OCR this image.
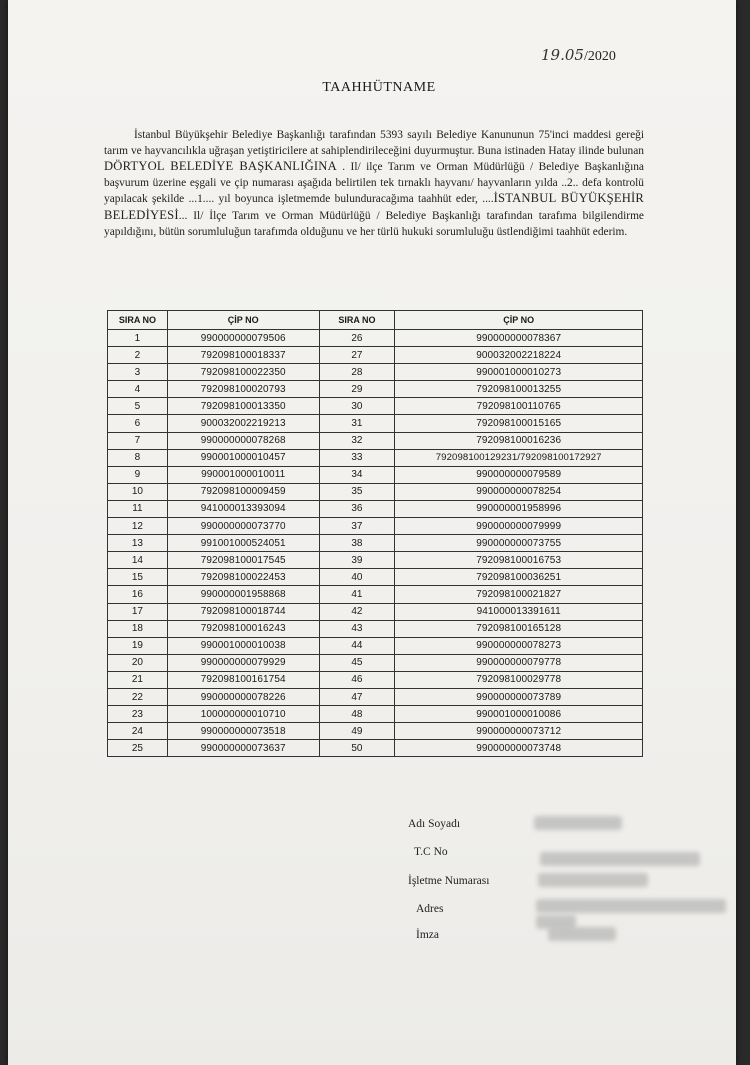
19.05/2020
TAAHHÜTNAME
İstanbul Büyükşehir Belediye Başkanlığı tarafından 5393 sayılı Belediye Kanununun 75'inci maddesi gereği tarım ve hayvancılıkla uğraşan yetiştiricilere at sahiplendirileceğini duyurmuştur. Buna istinaden Hatay ilinde bulunan DÖRTYOL BELEDİYE BAŞKANLIĞINA . Il/ ilçe Tarım ve Orman Müdürlüğü / Belediye Başkanlığına başvurum üzerine eşgali ve çip numarası aşağıda belirtilen tek tırnaklı hayvanı/ hayvanların yılda ..2.. defa kontrolü yapılacak şekilde ...1.... yıl boyunca işletmemde bulunduracağıma taahhüt eder, ....İSTANBUL BÜYÜKŞEHİR BELEDİYESİ... Il/ İlçe Tarım ve Orman Müdürlüğü / Belediye Başkanlığı tarafından tarafıma bilgilendirme yapıldığını, bütün sorumluluğun tarafımda olduğunu ve her türlü hukuki sorumluluğu üstlendiğimi taahhüt ederim.
SIRA NO	ÇİP NO	SIRA NO	ÇİP NO
1	990000000079506	26	990000000078367
2	792098100018337	27	900032002218224
3	792098100022350	28	990001000010273
4	792098100020793	29	792098100013255
5	792098100013350	30	792098100110765
6	900032002219213	31	792098100015165
7	990000000078268	32	792098100016236
8	990001000010457	33	792098100129231/792098100172927
9	990001000010011	34	990000000079589
10	792098100009459	35	990000000078254
11	941000013393094	36	990000001958996
12	990000000073770	37	990000000079999
13	991001000524051	38	990000000073755
14	792098100017545	39	792098100016753
15	792098100022453	40	792098100036251
16	990000001958868	41	792098100021827
17	792098100018744	42	941000013391611
18	792098100016243	43	792098100165128
19	990001000010038	44	990000000078273
20	990000000079929	45	990000000079778
21	792098100161754	46	792098100029778
22	990000000078226	47	990000000073789
23	100000000010710	48	990001000010086
24	990000000073518	49	990000000073712
25	990000000073637	50	990000000073748
Adı Soyadı
T.C No
İşletme Numarası
Adres
İmza
